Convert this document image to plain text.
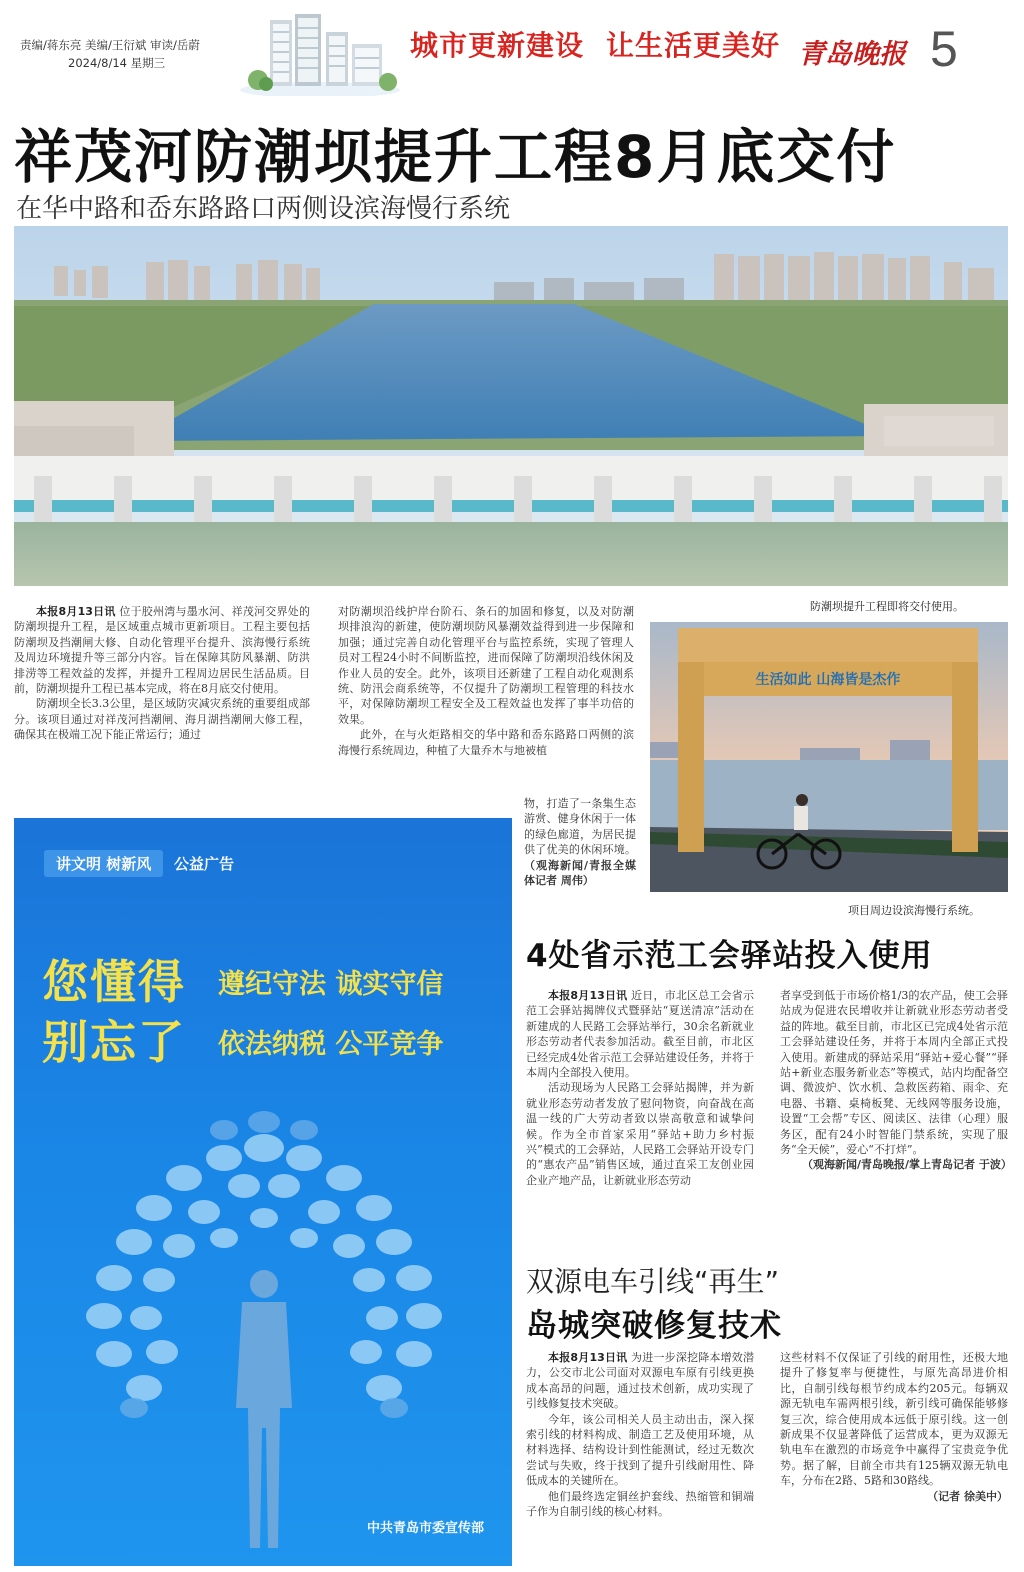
责编/蒋东亮 美编/王衍斌 审读/岳蔚
2024/8/14 星期三
城市更新建设 让生活更美好 青岛晚报 5
祥茂河防潮坝提升工程8月底交付
在华中路和岙东路路口两侧设滨海慢行系统

本报8月13日讯 位于胶州湾与墨水河、祥茂河交界处的防潮坝提升工程，是区域重点城市更新项目。工程主要包括防潮坝及挡潮闸大修、自动化管理平台提升、滨海慢行系统及周边环境提升等三部分内容。旨在保障其防风暴潮、防洪排涝等工程效益的发挥，并提升工程周边居民生活品质。目前，防潮坝提升工程已基本完成，将在8月底交付使用。

防潮坝全长3.3公里，是区域防灾减灾系统的重要组成部分。该项目通过对祥茂河挡潮闸、海月湖挡潮闸大修工程，确保其在极端工况下能正常运行；通过

对防潮坝沿线护岸台阶石、条石的加固和修复，以及对防潮坝排浪沟的新建，使防潮坝防风暴潮效益得到进一步保障和加强；通过完善自动化管理平台与监控系统，实现了管理人员对工程24小时不间断监控，进而保障了防潮坝沿线休闲及作业人员的安全。此外，该项目还新建了工程自动化观测系统、防汛会商系统等，不仅提升了防潮坝工程管理的科技水平，对保障防潮坝工程安全及工程效益也发挥了事半功倍的效果。

此外，在与火炬路相交的华中路和岙东路路口两侧的滨海慢行系统周边，种植了大量乔木与地被植

物，打造了一条集生态游赏、健身休闲于一体的绿色廊道，为居民提供了优美的休闲环境。（观海新闻/青报全媒体记者 周伟）

防潮坝提升工程即将交付使用。
生活如此 山海皆是杰作
项目周边设滨海慢行系统。
讲文明 树新风	公益广告
您懂得 遵纪守法 诚实守信
别忘了 依法纳税 公平竞争
中共青岛市委宣传部
4处省示范工会驿站投入使用

本报8月13日讯 近日，市北区总工会省示范工会驿站揭牌仪式暨驿站“夏送清凉”活动在新建成的人民路工会驿站举行，30余名新就业形态劳动者代表参加活动。截至目前，市北区已经完成4处省示范工会驿站建设任务，并将于本周内全部投入使用。

活动现场为人民路工会驿站揭牌，并为新就业形态劳动者发放了慰问物资，向奋战在高温一线的广大劳动者致以崇高敬意和诚挚问候。作为全市首家采用“驿站+助力乡村振兴”模式的工会驿站，人民路工会驿站开设专门的“惠农产品”销售区域，通过直采工友创业园企业产地产品，让新就业形态劳动

者享受到低于市场价格1/3的农产品，使工会驿站成为促进农民增收并让新就业形态劳动者受益的阵地。截至目前，市北区已完成4处省示范工会驿站建设任务，并将于本周内全部正式投入使用。新建成的驿站采用“驿站+爱心餐”“驿站+新业态服务新业态”等模式，站内均配备空调、微波炉、饮水机、急救医药箱、雨伞、充电器、书籍、桌椅板凳、无线网等服务设施，设置“工会帮”专区、阅读区、法律（心理）服务区，配有24小时智能门禁系统，实现了服务“全天候”，爱心“不打烊”。

（观海新闻/青岛晚报/掌上青岛记者 于波）

双源电车引线“再生”
岛城突破修复技术

本报8月13日讯 为进一步深挖降本增效潜力，公交市北公司面对双源电车原有引线更换成本高昂的问题，通过技术创新，成功实现了引线修复技术突破。

今年，该公司相关人员主动出击，深入探索引线的材料构成、制造工艺及使用环境，从材料选择、结构设计到性能测试，经过无数次尝试与失败，终于找到了提升引线耐用性、降低成本的关键所在。

他们最终选定铜丝护套线、热缩管和铜端子作为自制引线的核心材料。

这些材料不仅保证了引线的耐用性，还极大地提升了修复率与便捷性，与原先高昂进价相比，自制引线每根节约成本约205元。每辆双源无轨电车需两根引线，新引线可确保能够修复三次，综合使用成本远低于原引线。这一创新成果不仅显著降低了运营成本，更为双源无轨电车在激烈的市场竞争中赢得了宝贵竞争优势。据了解，目前全市共有125辆双源无轨电车，分布在2路、5路和30路线。

（记者 徐美中）
